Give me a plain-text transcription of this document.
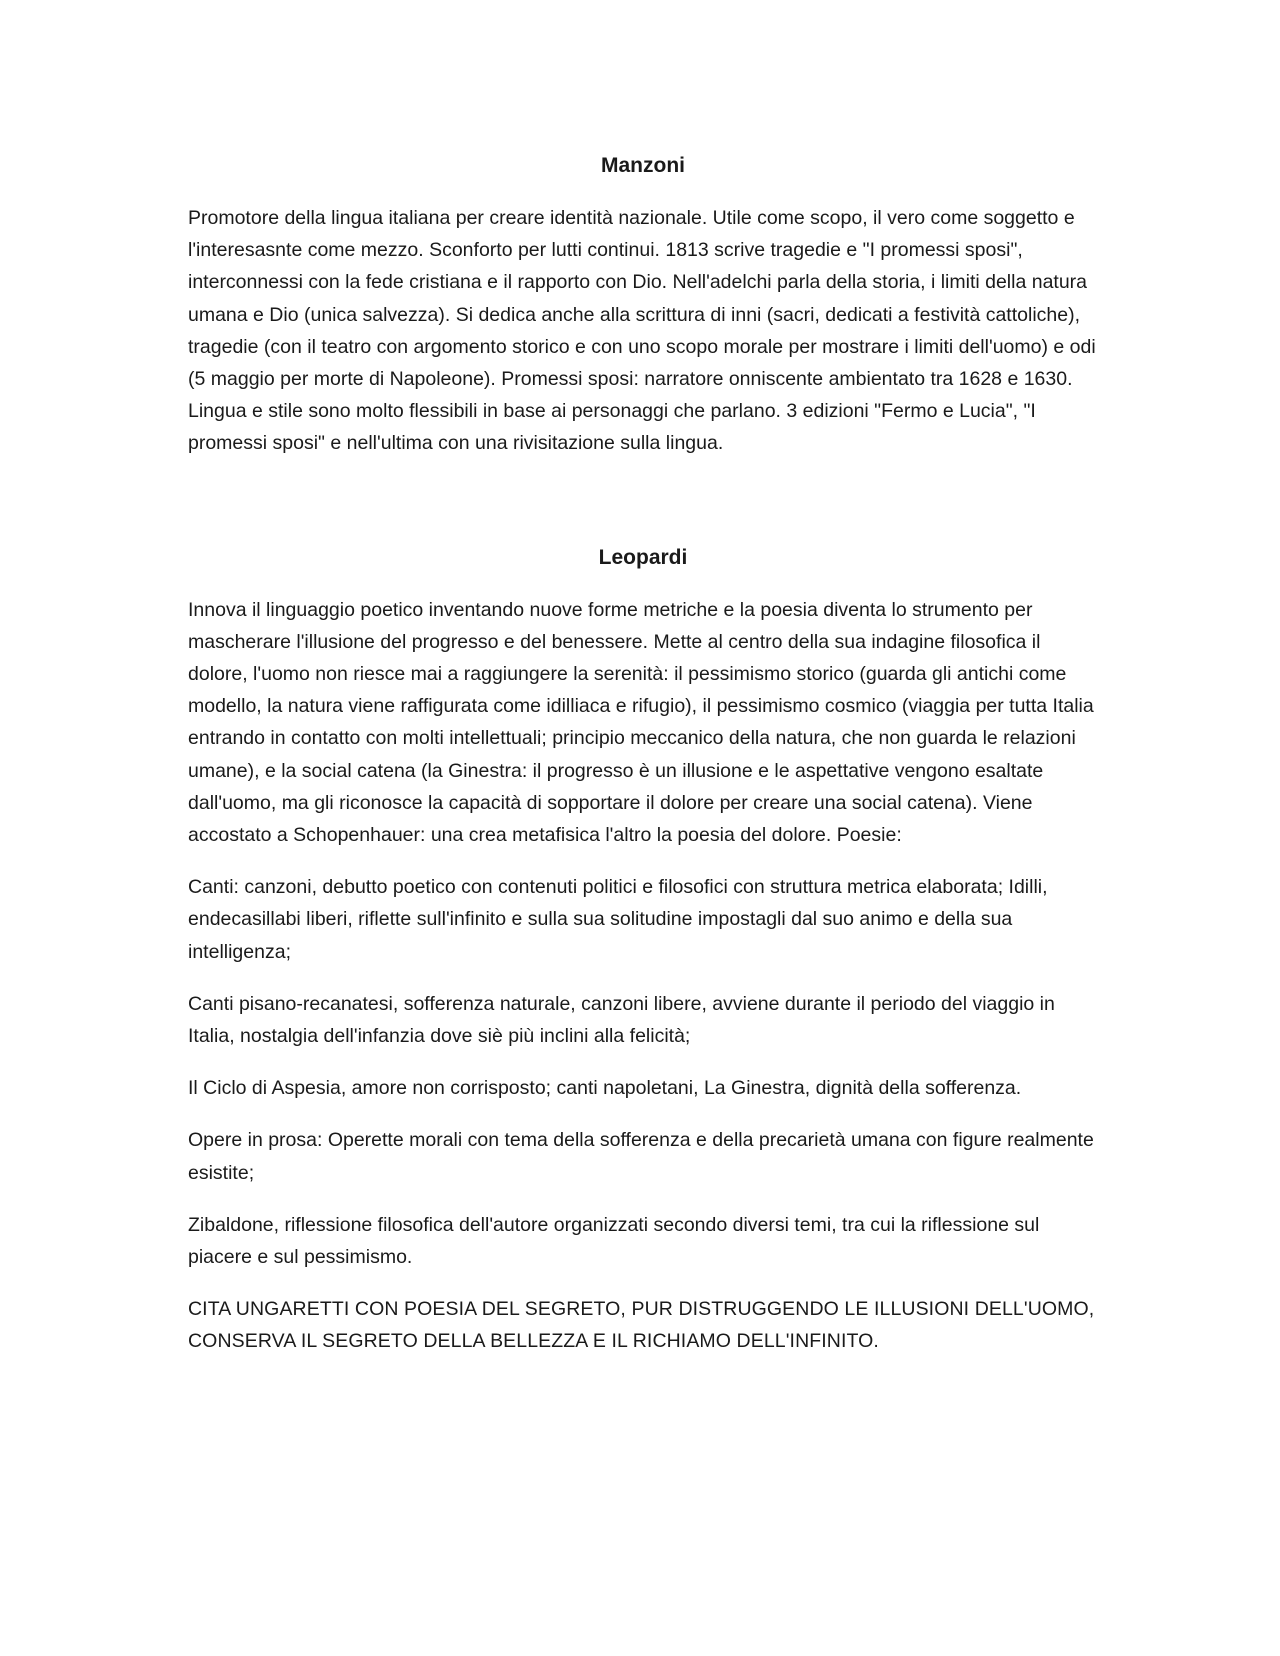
Manzoni

Promotore della lingua italiana per creare identità nazionale. Utile come scopo, il vero come soggetto e l'interesasnte come mezzo. Sconforto per lutti continui. 1813 scrive tragedie e "I promessi sposi", interconnessi con la fede cristiana e il rapporto con Dio. Nell'adelchi parla della storia, i limiti della natura umana e Dio (unica salvezza). Si dedica anche alla scrittura di inni (sacri, dedicati a festività cattoliche), tragedie (con il teatro con argomento storico e con uno scopo morale per mostrare i limiti dell'uomo) e odi (5 maggio per morte di Napoleone). Promessi sposi: narratore onniscente ambientato tra 1628 e 1630. Lingua e stile sono molto flessibili in base ai personaggi che parlano. 3 edizioni "Fermo e Lucia", "I promessi sposi" e nell'ultima con una rivisitazione sulla lingua.

Leopardi

Innova il linguaggio poetico inventando nuove forme metriche e la poesia diventa lo strumento per mascherare l'illusione del progresso e del benessere. Mette al centro della sua indagine filosofica il dolore, l'uomo non riesce mai a raggiungere la serenità: il pessimismo storico (guarda gli antichi come modello, la natura viene raffigurata come idilliaca e rifugio), il pessimismo cosmico (viaggia per tutta Italia entrando in contatto con molti intellettuali; principio meccanico della natura, che non guarda le relazioni umane), e la social catena (la Ginestra: il progresso è un illusione e le aspettative vengono esaltate dall'uomo, ma gli riconosce la capacità di sopportare il dolore per creare una social catena). Viene accostato a Schopenhauer: una crea metafisica l'altro la poesia del dolore. Poesie:

Canti: canzoni, debutto poetico con contenuti politici e filosofici con struttura metrica elaborata; Idilli, endecasillabi liberi, riflette sull'infinito e sulla sua solitudine impostagli dal suo animo e della sua intelligenza;

Canti pisano-recanatesi, sofferenza naturale, canzoni libere, avviene durante il periodo del viaggio in Italia, nostalgia dell'infanzia dove siè più inclini alla felicità;

Il Ciclo di Aspesia, amore non corrisposto; canti napoletani, La Ginestra, dignità della sofferenza.

Opere in prosa: Operette morali con tema della sofferenza e della precarietà umana con figure realmente esistite;

Zibaldone, riflessione filosofica dell'autore organizzati secondo diversi temi, tra cui la riflessione sul piacere e sul pessimismo.

CITA UNGARETTI CON POESIA DEL SEGRETO, PUR DISTRUGGENDO LE ILLUSIONI DELL'UOMO, CONSERVA IL SEGRETO DELLA BELLEZZA E IL RICHIAMO DELL'INFINITO.
